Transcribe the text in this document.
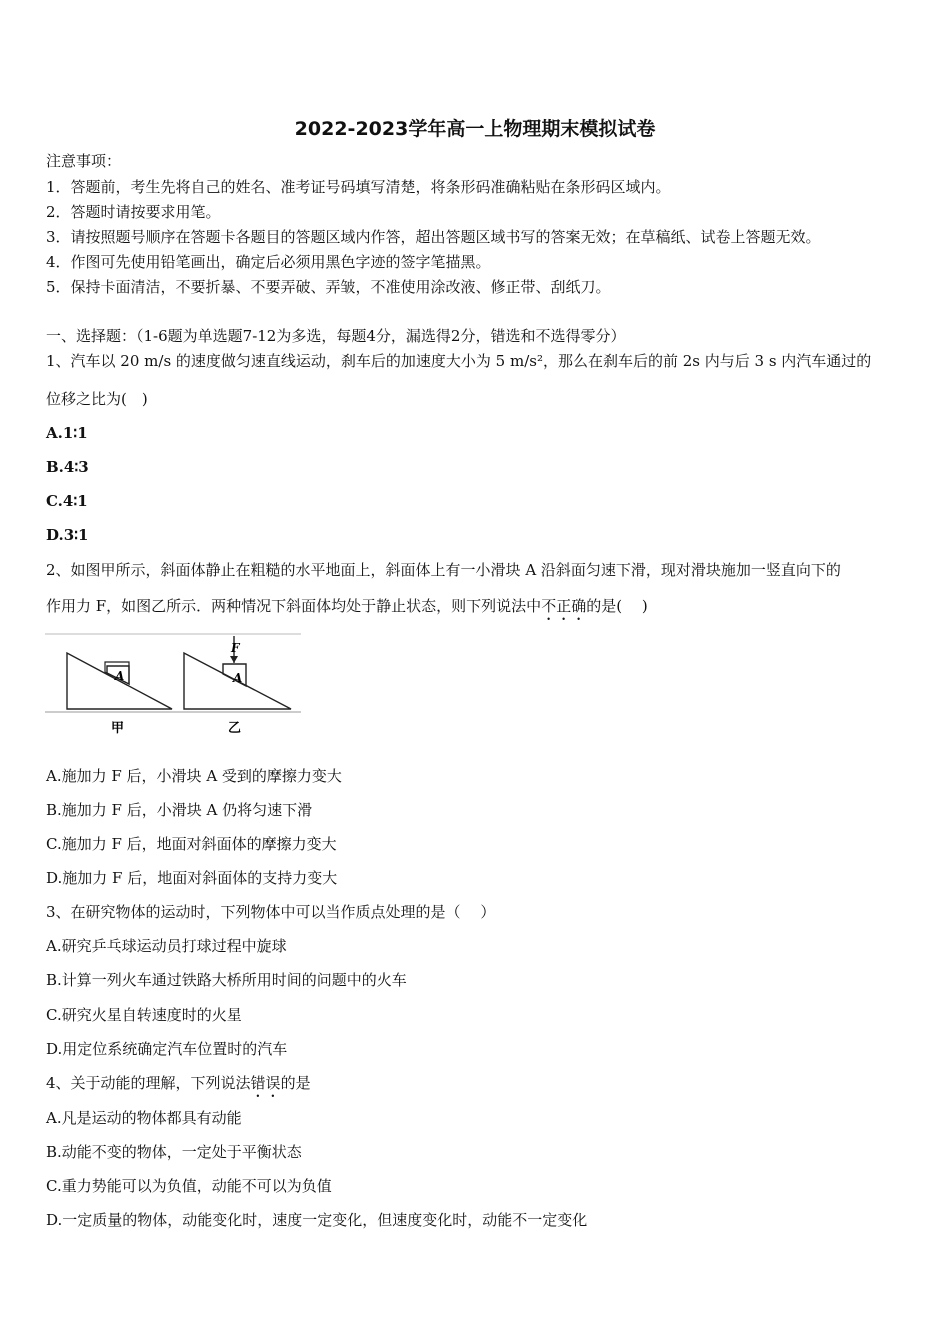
2022-2023学年高一上物理期末模拟试卷
注意事项：
1．答题前，考生先将自己的姓名、准考证号码填写清楚，将条形码准确粘贴在条形码区域内。
2．答题时请按要求用笔。
3．请按照题号顺序在答题卡各题目的答题区域内作答，超出答题区域书写的答案无效；在草稿纸、试卷上答题无效。
4．作图可先使用铅笔画出，确定后必须用黑色字迹的签字笔描黑。
5．保持卡面清洁，不要折暴、不要弄破、弄皱，不准使用涂改液、修正带、刮纸刀。
一、选择题：（1-6题为单选题7-12为多选，每题4分，漏选得2分，错选和不选得零分）
1、汽车以 20 m/s 的速度做匀速直线运动，刹车后的加速度大小为 5 m/s²，那么在刹车后的前 2s 内与后 3 s 内汽车通过的
位移之比为(　)
A.1∶1
B.4∶3
C.4∶1
D.3∶1
2、如图甲所示，斜面体静止在粗糙的水平地面上，斜面体上有一小滑块 A 沿斜面匀速下滑，现对滑块施加一竖直向下的
作用力 F，如图乙所示．两种情况下斜面体均处于静止状态，则下列说法中不正确的是(　 )
A
F
A
甲	乙
A.施加力 F 后，小滑块 A 受到的摩擦力变大
B.施加力 F 后，小滑块 A 仍将匀速下滑
C.施加力 F 后，地面对斜面体的摩擦力变大
D.施加力 F 后，地面对斜面体的支持力变大
3、在研究物体的运动时，下列物体中可以当作质点处理的是（　 ）
A.研究乒乓球运动员打球过程中旋球
B.计算一列火车通过铁路大桥所用时间的问题中的火车
C.研究火星自转速度时的火星
D.用定位系统确定汽车位置时的汽车
4、关于动能的理解，下列说法错误的是
A.凡是运动的物体都具有动能
B.动能不变的物体，一定处于平衡状态
C.重力势能可以为负值，动能不可以为负值
D.一定质量的物体，动能变化时，速度一定变化，但速度变化时，动能不一定变化
